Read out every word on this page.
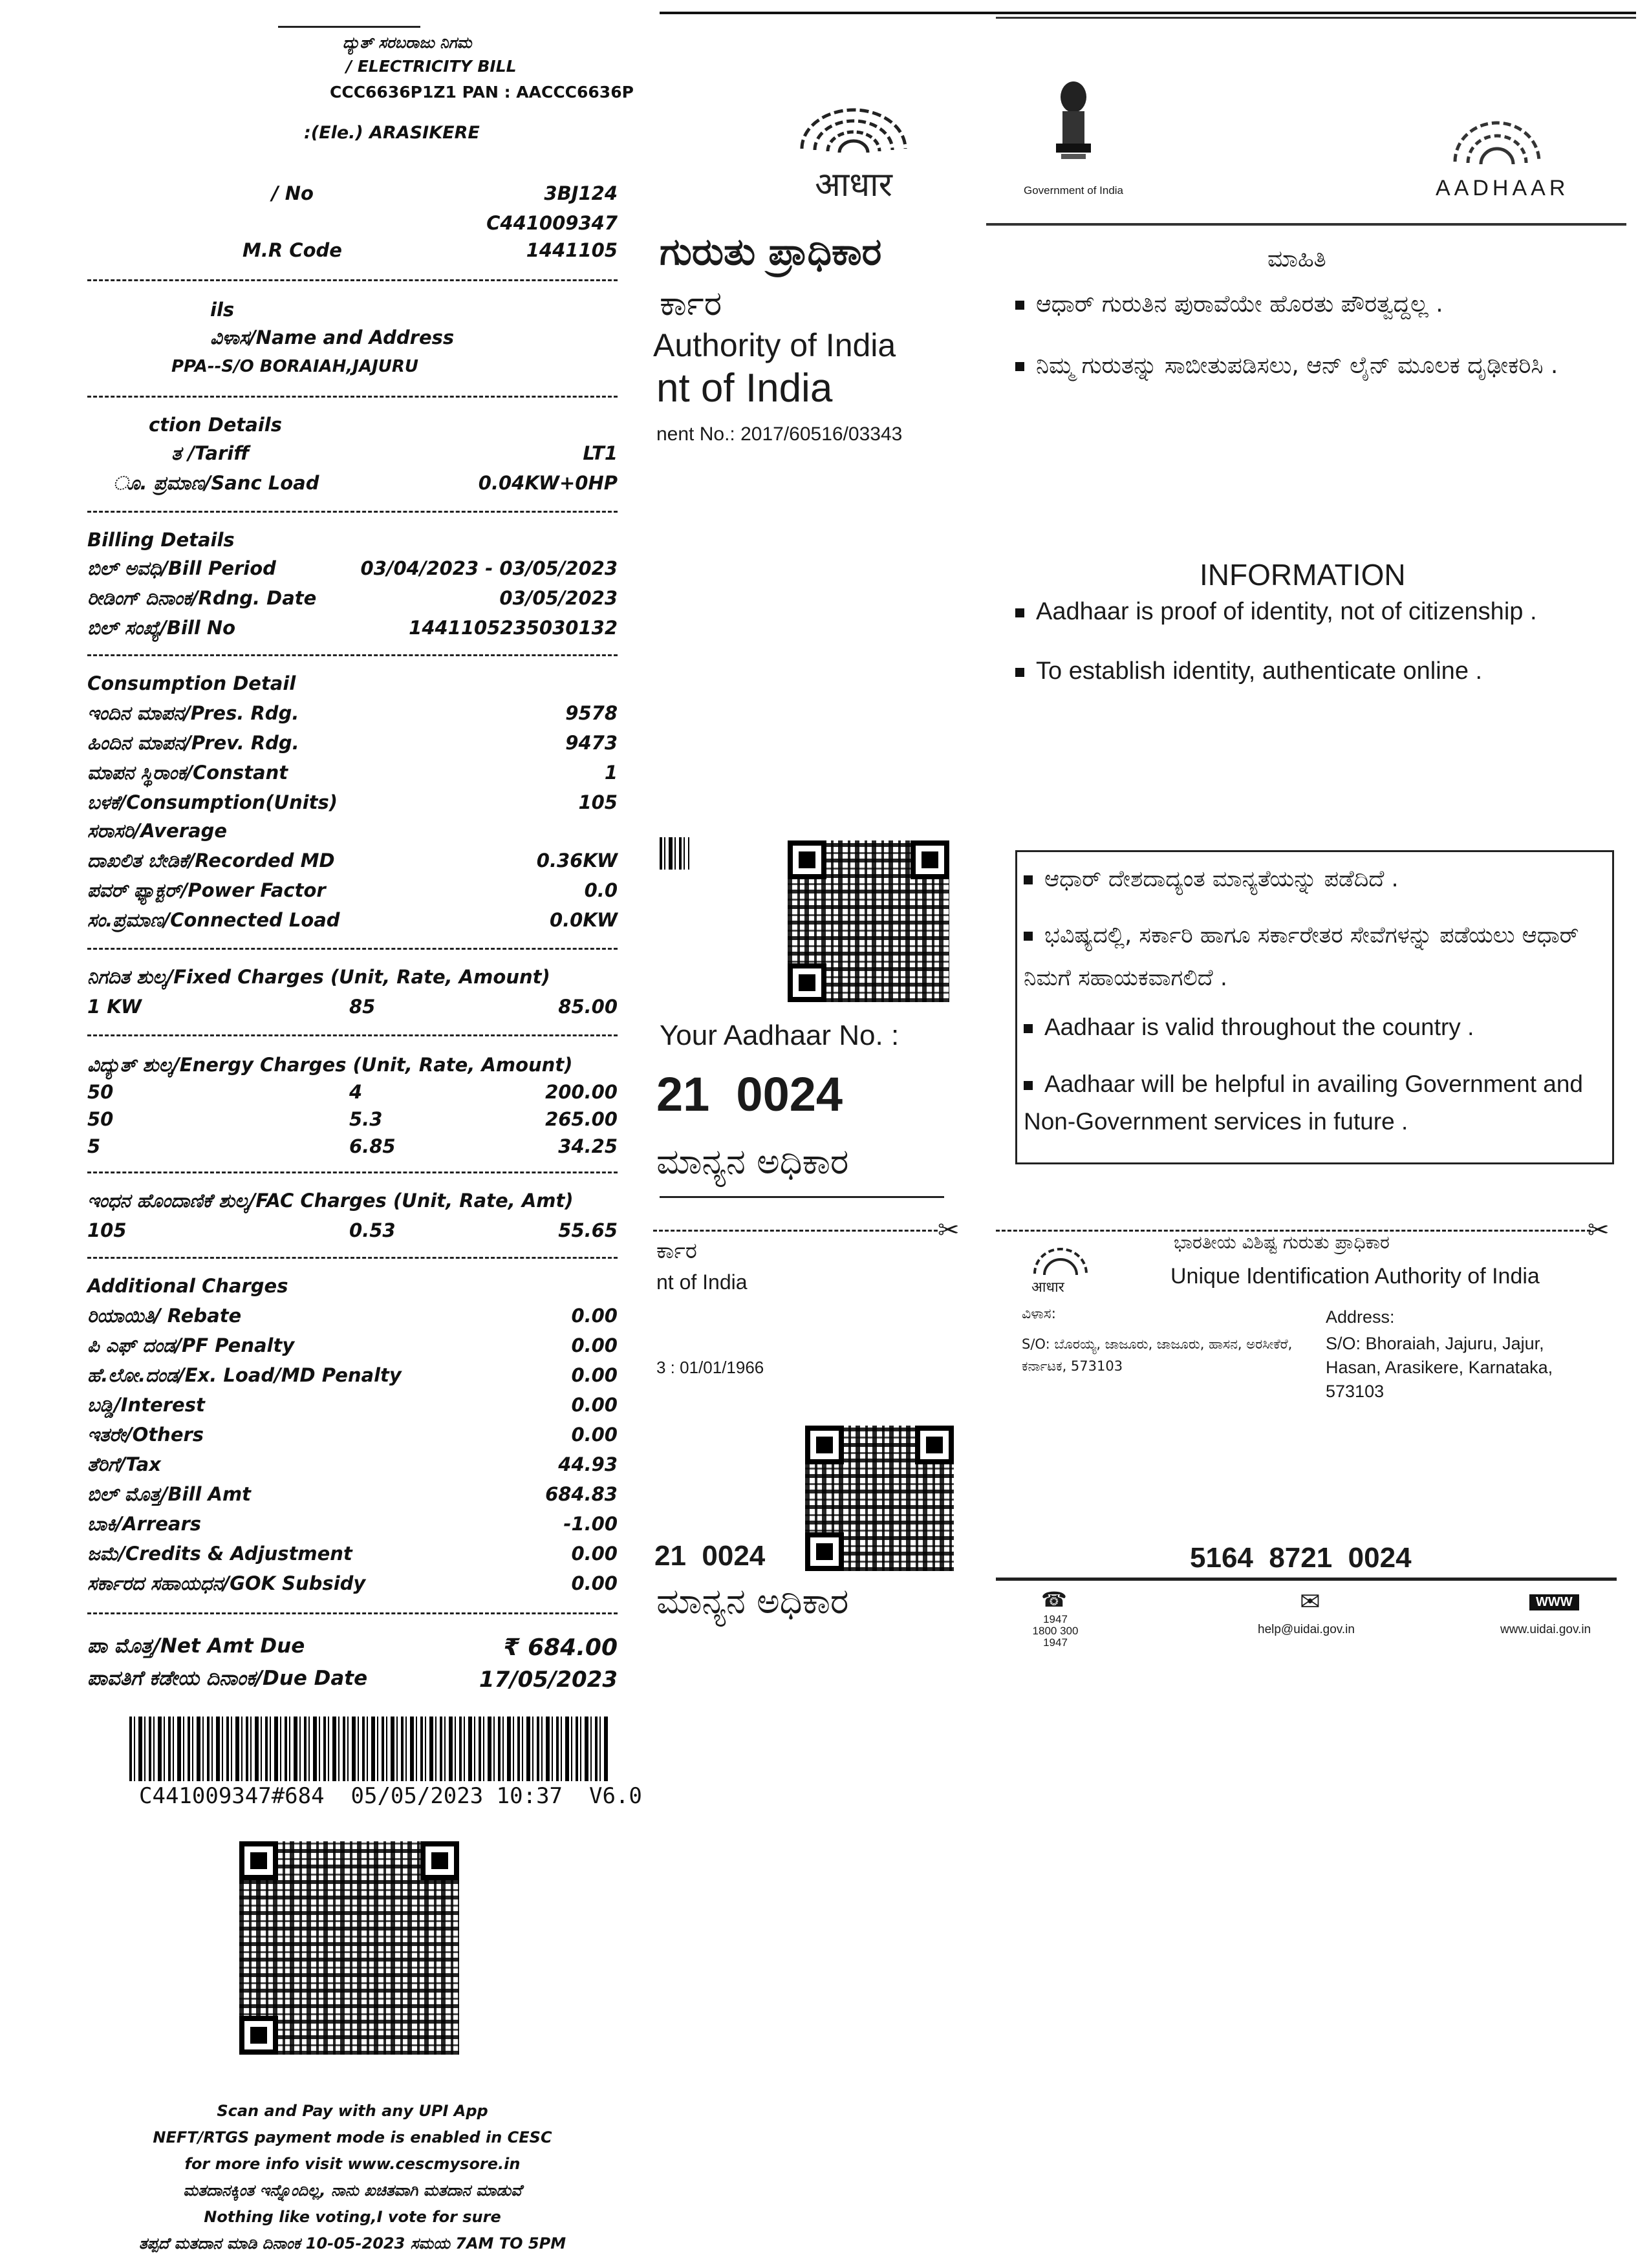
ದ್ಯುತ್ ಸರಬರಾಜು ನಿಗಮ
/ ELECTRICITY BILL
CCC6636P1Z1 PAN : AACCC6636P
:(Ele.) ARASIKERE
/ No	3BJ124
C441009347
M.R Code	1441105
ils
ವಿಳಾಸ/Name and Address
PPA--S/O BORAIAH,JAJURU
ction Details
ತ /Tariff	LT1
ೂ. ಪ್ರಮಾಣ/Sanc Load	0.04KW+0HP
Billing Details
ಬಿಲ್ ಅವಧಿ/Bill Period	03/04/2023 - 03/05/2023
ರೀಡಿಂಗ್ ದಿನಾಂಕ/Rdng. Date	03/05/2023
ಬಿಲ್ ಸಂಖ್ಯೆ/Bill No	1441105235030132
Consumption Detail
ಇಂದಿನ ಮಾಪನ/Pres. Rdg.	9578
ಹಿಂದಿನ ಮಾಪನ/Prev. Rdg.	9473
ಮಾಪನ ಸ್ಥಿರಾಂಕ/Constant	1
ಬಳಕೆ/Consumption(Units)	105
ಸರಾಸರಿ/Average
ದಾಖಲಿತ ಬೇಡಿಕೆ/Recorded MD	0.36KW
ಪವರ್ ಫ್ಯಾಕ್ಟರ್/Power Factor	0.0
ಸಂ.ಪ್ರಮಾಣ/Connected Load	0.0KW
ನಿಗದಿತ ಶುಲ್ಕ/Fixed Charges (Unit, Rate, Amount)
1 KW	85	85.00
ವಿದ್ಯುತ್ ಶುಲ್ಕ/Energy Charges (Unit, Rate, Amount)
50	4	200.00
50	5.3	265.00
5	6.85	34.25
ಇಂಧನ ಹೊಂದಾಣಿಕೆ ಶುಲ್ಕ/FAC Charges (Unit, Rate, Amt)
105	0.53	55.65
Additional Charges
ರಿಯಾಯಿತಿ/ Rebate	0.00
ಪಿ ಎಫ್ ದಂಡ/PF Penalty	0.00
ಹೆ.ಲೋ.ದಂಡ/Ex. Load/MD Penalty	0.00
ಬಡ್ಡಿ/Interest	0.00
ಇತರೇ/Others	0.00
ತೆರಿಗೆ/Tax	44.93
ಬಿಲ್ ಮೊತ್ತ/Bill Amt	684.83
ಬಾಕಿ/Arrears	-1.00
ಜಮೆ/Credits & Adjustment	0.00
ಸರ್ಕಾರದ ಸಹಾಯಧನ/GOK Subsidy	0.00
ಪಾ ಮೊತ್ತ/Net Amt Due	₹ 684.00
ಪಾವತಿಗೆ ಕಡೇಯ ದಿನಾಂಕ/Due Date	17/05/2023
C441009347#684  05/05/2023 10:37  V6.0
Scan and Pay with any UPI App
NEFT/RTGS payment mode is enabled in CESC
for more info visit www.cescmysore.in
ಮತದಾನಕ್ಕಿಂತ ಇನ್ನೊಂದಿಲ್ಲ, ನಾನು ಖಚಿತವಾಗಿ ಮತದಾನ ಮಾಡುವೆ
Nothing like voting,I vote for sure
ತಪ್ಪದೆ ಮತದಾನ ಮಾಡಿ ದಿನಾಂಕ 10-05-2023 ಸಮಯ 7AM TO 5PM
आधार	Government of India	AADHAAR
ಗುರುತು ಪ್ರಾಧಿಕಾರ
ರ್ಕಾರ
Authority of India
nt of India
nent No.: 2017/60516/03343
ಮಾಹಿತಿ
ಆಧಾರ್ ಗುರುತಿನ ಪುರಾವೆಯೇ ಹೊರತು ಪೌರತ್ವದ್ದಲ್ಲ .
ನಿಮ್ಮ ಗುರುತನ್ನು ಸಾಬೀತುಪಡಿಸಲು, ಆನ್ ಲೈನ್ ಮೂಲಕ ದೃಢೀಕರಿಸಿ .
INFORMATION
Aadhaar is proof of identity, not of citizenship .
To establish identity, authenticate online .
Your Aadhaar No. :
21  0024
ಮಾನ್ಯನ ಅಧಿಕಾರ
ಆಧಾರ್ ದೇಶದಾದ್ಯಂತ ಮಾನ್ಯತೆಯನ್ನು ಪಡೆದಿದೆ .
ಭವಿಷ್ಯದಲ್ಲಿ, ಸರ್ಕಾರಿ ಹಾಗೂ ಸರ್ಕಾರೇತರ ಸೇವೆಗಳನ್ನು ಪಡೆಯಲು ಆಧಾರ್ ನಿಮಗೆ ಸಹಾಯಕವಾಗಲಿದೆ .
Aadhaar is valid throughout the country .
Aadhaar will be helpful in availing Government and Non-Government services in future .
✂	✂
ರ್ಕಾರ
nt of India
3 : 01/01/1966
21  0024
ಮಾನ್ಯನ ಅಧಿಕಾರ
आधार
ಭಾರತೀಯ ವಿಶಿಷ್ಟ ಗುರುತು ಪ್ರಾಧಿಕಾರ
Unique Identification Authority of India
ವಿಳಾಸ:
S/O: ಬೊರಯ್ಯ, ಜಾಜೂರು, ಜಾಜೂರು, ಹಾಸನ, ಅರಸೀಕೆರೆ, ಕರ್ನಾಟಕ, 573103
Address:
S/O: Bhoraiah, Jajuru, Jajur, Hasan, Arasikere, Karnataka, 573103
5164  8721  0024
☎
1947
1800 300 1947
✉
help@uidai.gov.in
WWW
www.uidai.gov.in
